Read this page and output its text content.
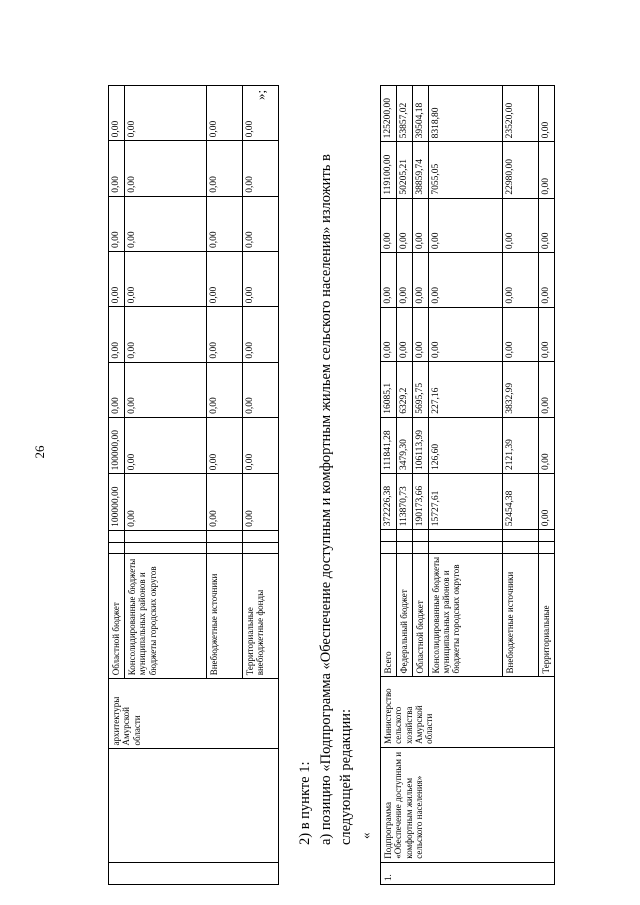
26
		архитектуры Амурской области	Областной бюджет			100000,00	100000,00	0,00	0,00	0,00	0,00	0,00	0,00
			Консолидированные бюджеты муниципальных районов и бюджеты городских округов			0,00	0,00	0,00	0,00	0,00	0,00	0,00	0,00
			Внебюджетные источники			0,00	0,00	0,00	0,00	0,00	0,00	0,00	0,00
			Территориальные внебюджетные фонды			0,00	0,00	0,00	0,00	0,00	0,00	0,00	0,00
»;
2) в пункте 1: а) позицию «Подпрограмма «Обеспечение доступным и комфортным жильем сельского населения» изложить в следующей редакции: «
1.	Подпрограмма «Обеспечение доступным и комфортным жильем сельского населения»	Министерство сельского хозяйства Амурской области	Всего			372226,38	111841,28	16085,1	0,00	0,00	0,00	119100,00	125200,00
			Федеральный бюджет			113870,73	3479,30	6329,2	0,00	0,00	0,00	50205,21	53857,02
			Областной бюджет			190173,66	106113,99	5695,75	0,00	0,00	0,00	38859,74	39504,18
			Консолидированные бюджеты муниципальных районов и бюджеты городских округов			15727,61	126,60	227,16	0,00	0,00	0,00	7055,05	8318,80
			Внебюджетные источники			52454,38	2121,39	3832,99	0,00	0,00	0,00	22980,00	23520,00
			Территориальные			0,00	0,00	0,00	0,00	0,00	0,00	0,00	0,00
